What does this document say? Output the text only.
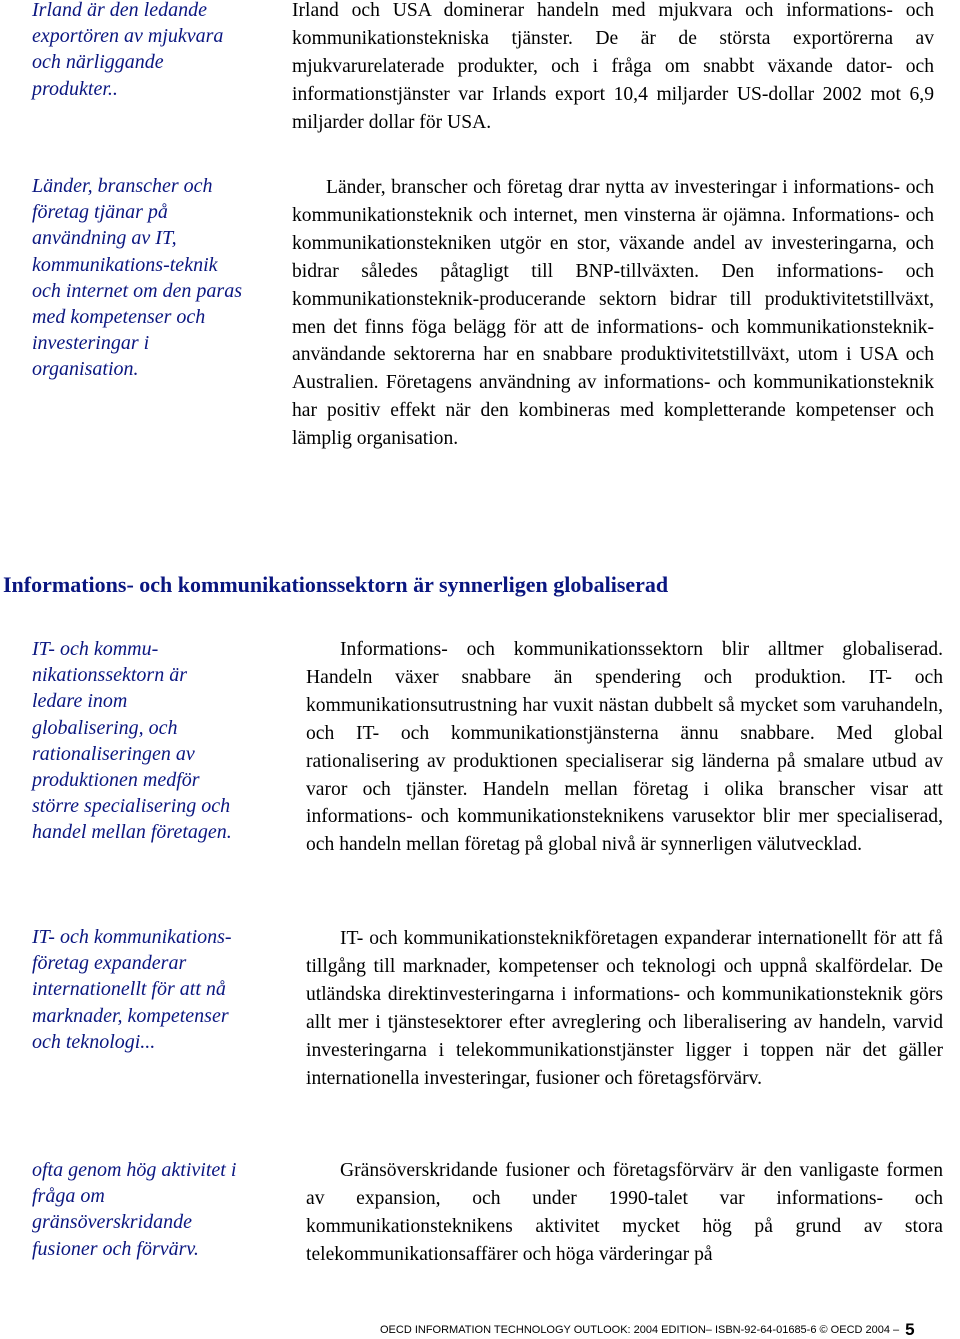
Irland är den ledande exportören av mjukvara och närliggande produkter..

Irland och USA dominerar handeln med mjukvara och informations- och kommunikationstekniska tjänster. De är de största exportörerna av mjukvarurelaterade produkter, och i fråga om snabbt växande dator- och informationstjänster var Irlands export 10,4 miljarder US-dollar 2002 mot 6,9 miljarder dollar för USA.

Länder, branscher och företag tjänar på användning av IT, kommunikations-teknik och internet om den paras med kompetenser och investeringar i organisation.

Länder, branscher och företag drar nytta av investeringar i informations- och kommunikationsteknik och internet, men vinsterna är ojämna. Informations- och kommunikationstekniken utgör en stor, växande andel av investeringarna, och bidrar således påtagligt till BNP-tillväxten. Den informations- och kommunikationsteknik-producerande sektorn bidrar till produktivitetstillväxt, men det finns föga belägg för att de informations- och kommunikationsteknik-användande sektorerna har en snabbare produktivitetstillväxt, utom i USA och Australien. Företagens användning av informations- och kommunikationsteknik har positiv effekt när den kombineras med kompletterande kompetenser och lämplig organisation.

Informations- och kommunikationssektorn är synnerligen globaliserad

IT- och kommu-nikationssektorn är ledare inom globalisering, och rationaliseringen av produktionen medför större specialisering och handel mellan företagen.

Informations- och kommunikationssektorn blir alltmer globaliserad. Handeln växer snabbare än spendering och produktion. IT- och kommunikationsutrustning har vuxit nästan dubbelt så mycket som varuhandeln, och IT- och kommunikationstjänsterna ännu snabbare. Med global rationalisering av produktionen specialiserar sig länderna på smalare utbud av varor och tjänster. Handeln mellan företag i olika branscher visar att informations- och kommunikationsteknikens varusektor blir mer specialiserad, och handeln mellan företag på global nivå är synnerligen välutvecklad.

IT- och kommunikations-företag expanderar internationellt för att nå marknader, kompetenser och teknologi...

IT- och kommunikationsteknikföretagen expanderar internationellt för att få tillgång till marknader, kompetenser och teknologi och uppnå skalfördelar. De utländska direktinvesteringarna i informations- och kommunikationsteknik görs allt mer i tjänstesektorer efter avreglering och liberalisering av handeln, varvid investeringarna i telekommunikationstjänster ligger i toppen när det gäller internationella investeringar, fusioner och företagsförvärv.

ofta genom hög aktivitet i fråga om gränsöverskridande fusioner och förvärv.

Gränsöverskridande fusioner och företagsförvärv är den vanligaste formen av expansion, och under 1990-talet var informations- och kommunikationsteknikens aktivitet mycket hög på grund av stora telekommunikationsaffärer och höga värderingar på

OECD INFORMATION TECHNOLOGY OUTLOOK: 2004 EDITION– ISBN-92-64-01685-6 © OECD 2004 – 5
